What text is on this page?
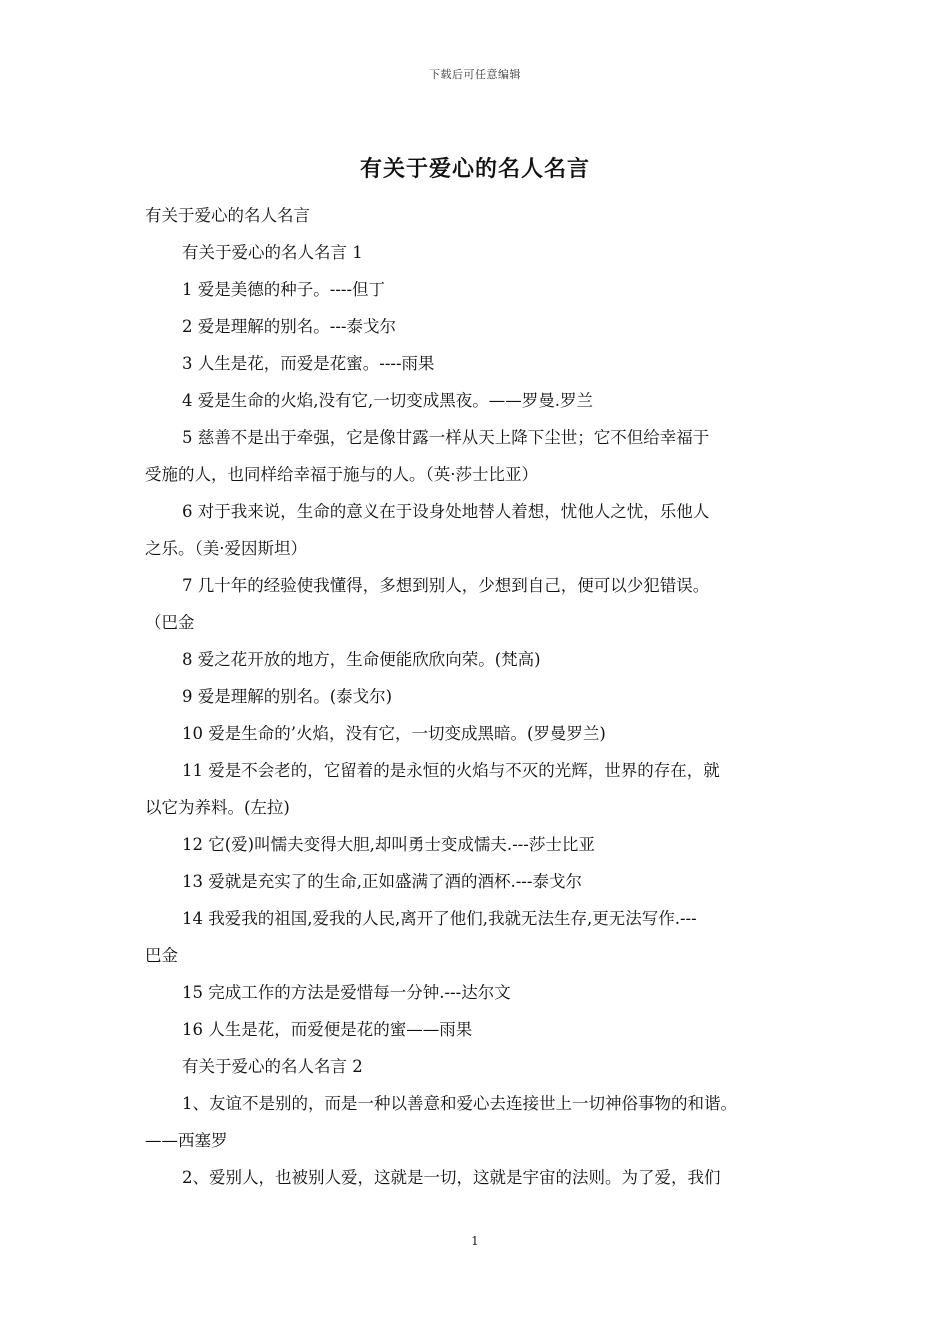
下载后可任意编辑
有关于爱心的名人名言
有关于爱心的名人名言
有关于爱心的名人名言 1
1 爱是美德的种子。----但丁
2 爱是理解的别名。---泰戈尔
3 人生是花，而爱是花蜜。----雨果
4 爱是生命的火焰,没有它,一切变成黑夜。——罗曼.罗兰
5 慈善不是出于牵强，它是像甘露一样从天上降下尘世；它不但给幸福于
受施的人，也同样给幸福于施与的人。（英·莎士比亚）
6 对于我来说，生命的意义在于设身处地替人着想，忧他人之忧，乐他人
之乐。（美·爱因斯坦）
7 几十年的经验使我懂得，多想到别人，少想到自己，便可以少犯错误。
（巴金
8 爱之花开放的地方，生命便能欣欣向荣。(梵高)
9 爱是理解的别名。(泰戈尔)
10 爱是生命的’火焰，没有它，一切变成黑暗。(罗曼罗兰)
11 爱是不会老的，它留着的是永恒的火焰与不灭的光辉，世界的存在，就
以它为养料。(左拉)
12 它(爱)叫懦夫变得大胆,却叫勇士变成懦夫.---莎士比亚
13 爱就是充实了的生命,正如盛满了酒的酒杯.---泰戈尔
14 我爱我的祖国,爱我的人民,离开了他们,我就无法生存,更无法写作.---
巴金
15 完成工作的方法是爱惜每一分钟.---达尔文
16 人生是花，而爱便是花的蜜——雨果
有关于爱心的名人名言 2
1、友谊不是别的，而是一种以善意和爱心去连接世上一切神俗事物的和谐。
——西塞罗
2、爱别人，也被别人爱，这就是一切，这就是宇宙的法则。为了爱，我们
1
